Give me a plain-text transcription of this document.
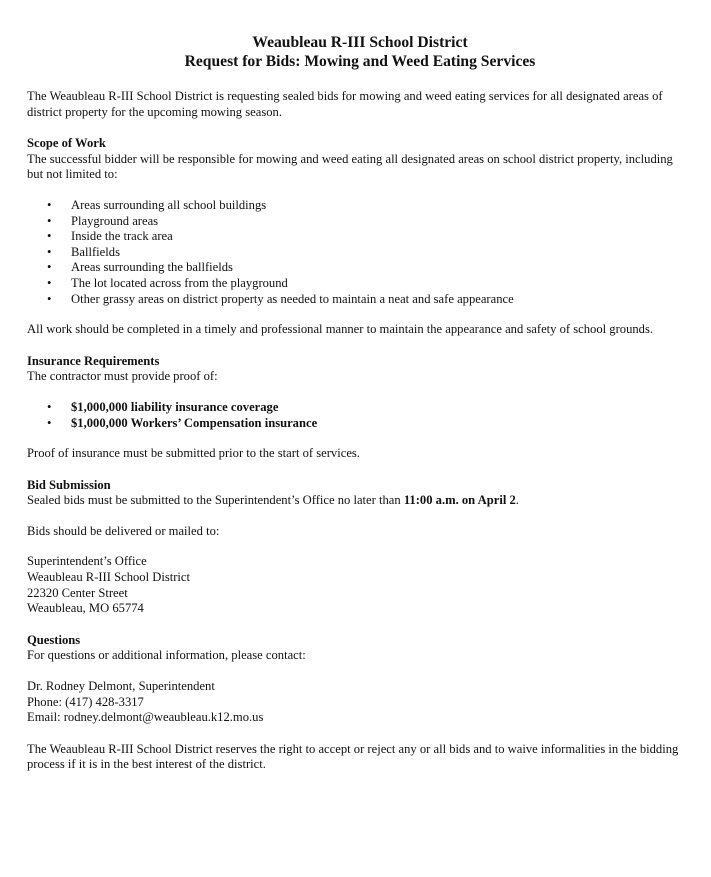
Weaubleau R-III School District
Request for Bids: Mowing and Weed Eating Services

The Weaubleau R-III School District is requesting sealed bids for mowing and weed eating services for all designated areas of district property for the upcoming mowing season.

Scope of Work

The successful bidder will be responsible for mowing and weed eating all designated areas on school district property, including but not limited to:

• Areas surrounding all school buildings
• Playground areas
• Inside the track area
• Ballfields
• Areas surrounding the ballfields
• The lot located across from the playground
• Other grassy areas on district property as needed to maintain a neat and safe appearance

All work should be completed in a timely and professional manner to maintain the appearance and safety of school grounds.

Insurance Requirements

The contractor must provide proof of:

• $1,000,000 liability insurance coverage
• $1,000,000 Workers’ Compensation insurance

Proof of insurance must be submitted prior to the start of services.

Bid Submission

Sealed bids must be submitted to the Superintendent’s Office no later than 11:00 a.m. on April 2.

Bids should be delivered or mailed to:

Superintendent’s Office
Weaubleau R-III School District
22320 Center Street
Weaubleau, MO 65774
Questions

For questions or additional information, please contact:

Dr. Rodney Delmont, Superintendent
Phone: (417) 428-3317
Email: rodney.delmont@weaubleau.k12.mo.us

The Weaubleau R-III School District reserves the right to accept or reject any or all bids and to waive informalities in the bidding process if it is in the best interest of the district.
